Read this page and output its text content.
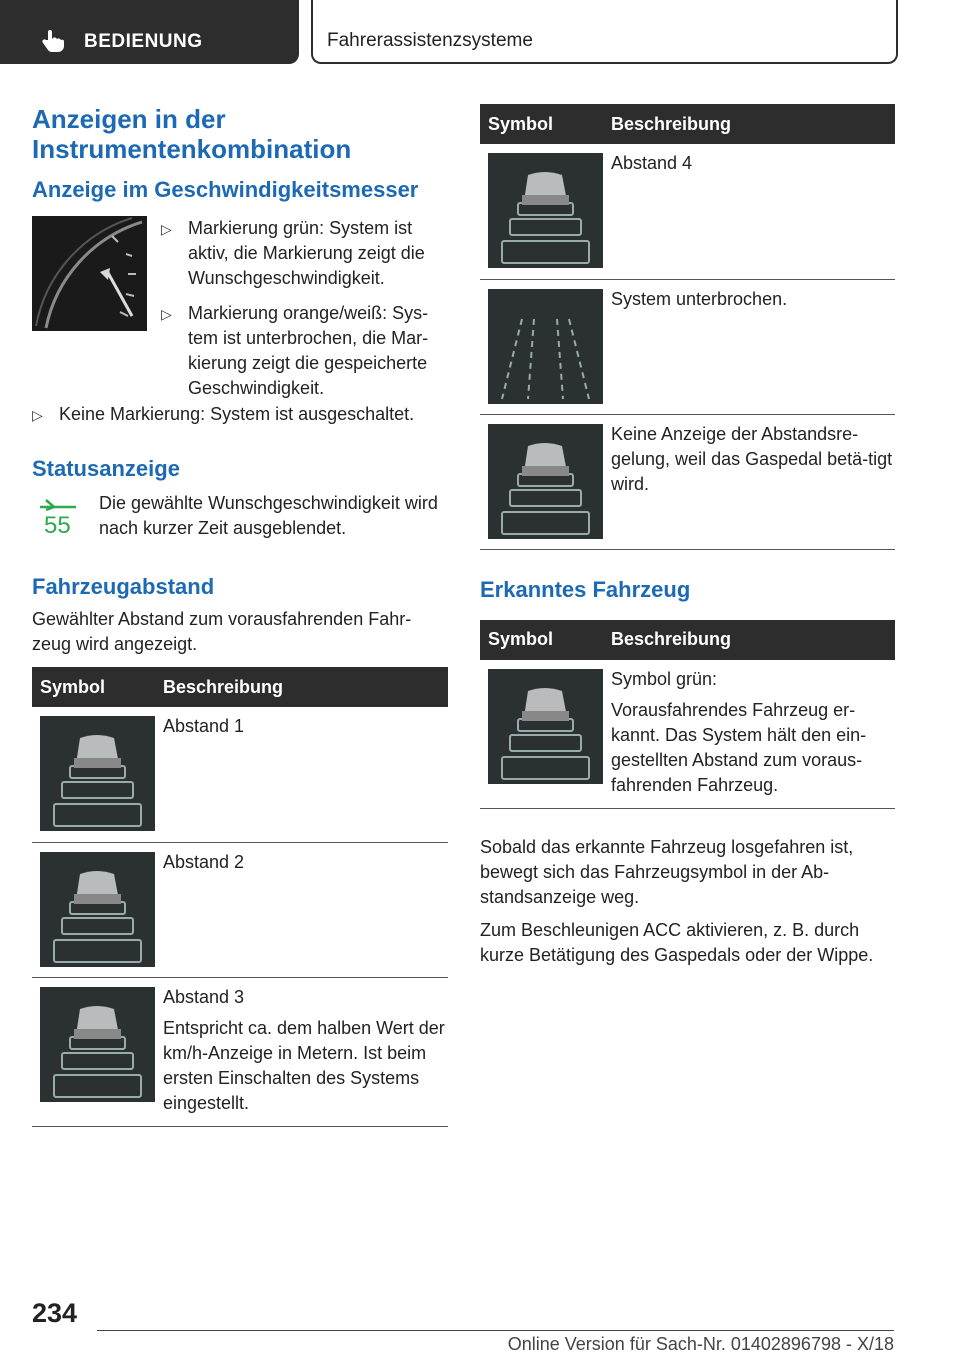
BEDIENUNG	Fahrerassistenzsysteme
Anzeigen in der Instrumentenkombination
Anzeige im Geschwindigkeitsmesser
▷ Markierung grün: System ist aktiv, die Markierung zeigt die Wunschgeschwindigkeit.
▷ Markierung orange/weiß: Sys-tem ist unterbrochen, die Mar-kierung zeigt die gespeicherte Geschwindigkeit.
▷ Keine Markierung: System ist ausgeschaltet.
Statusanzeige
55
Die gewählte Wunschgeschwindigkeit wird nach kurzer Zeit ausgeblendet.
Fahrzeugabstand
Gewählter Abstand zum vorausfahrenden Fahr-zeug wird angezeigt.
Symbol	Beschreibung

	Abstand 1

	Abstand 2

Abstand 3
Entspricht ca. dem halben Wert der km/h-Anzeige in Metern. Ist beim ersten Einschalten des Systems eingestellt.
Symbol	Beschreibung

	Abstand 4

	System unterbrochen.

	Keine Anzeige der Abstandsre-gelung, weil das Gaspedal betä-tigt wird.
Erkanntes Fahrzeug
Symbol	Beschreibung

Symbol grün:
Vorausfahrendes Fahrzeug er-kannt. Das System hält den ein-gestellten Abstand zum voraus-fahrenden Fahrzeug.
Sobald das erkannte Fahrzeug losgefahren ist, bewegt sich das Fahrzeugsymbol in der Ab-standsanzeige weg.
Zum Beschleunigen ACC aktivieren, z. B. durch kurze Betätigung des Gaspedals oder der Wippe.
234
Online Version für Sach-Nr. 01402896798 - X/18
